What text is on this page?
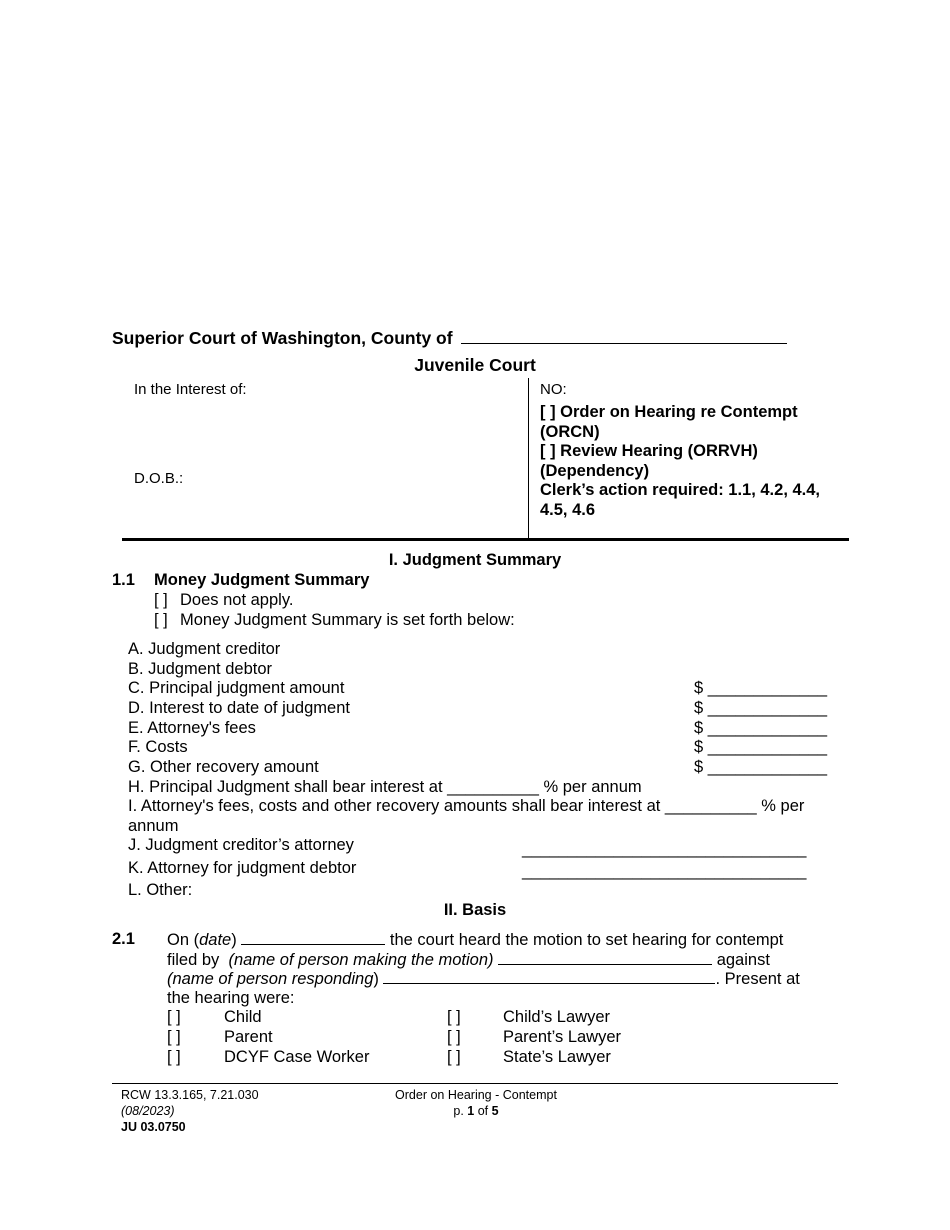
Superior Court of Washington, County of
Juvenile Court
In the Interest of:
D.O.B.:
NO:
[ ] Order on Hearing re Contempt
(ORCN)
[ ] Review Hearing (ORRVH)
(Dependency)
Clerk’s action required: 1.1, 4.2, 4.4,
4.5, 4.6
I. Judgment Summary
1.1 Money Judgment Summary
[ ] Does not apply.
[ ] Money Judgment Summary is set forth below:
A. Judgment creditor
B. Judgment debtor
C. Principal judgment amount	$ _____________
D. Interest to date of judgment	$ _____________
E. Attorney's fees	$ _____________
F. Costs	$ _____________
G. Other recovery amount	$ _____________
H. Principal Judgment shall bear interest at __________ % per annum
I. Attorney's fees, costs and other recovery amounts shall bear interest at __________ % per
annum
J. Judgment creditor’s attorney	_______________________________
K. Attorney for judgment debtor	_______________________________
L. Other:
II. Basis
2.1 On (date)	the court heard the motion to set hearing for contempt
filed by (name of person making the motion)	against
(name of person responding)	. Present at
the hearing were:
[ ]	Child	[ ]	Child’s Lawyer
[ ]	Parent	[ ]	Parent’s Lawyer
[ ]	DCYF Case Worker	[ ]	State’s Lawyer
RCW 13.3.165, 7.21.030
(08/2023)
JU 03.0750
Order on Hearing - Contempt
p. 1 of 5
